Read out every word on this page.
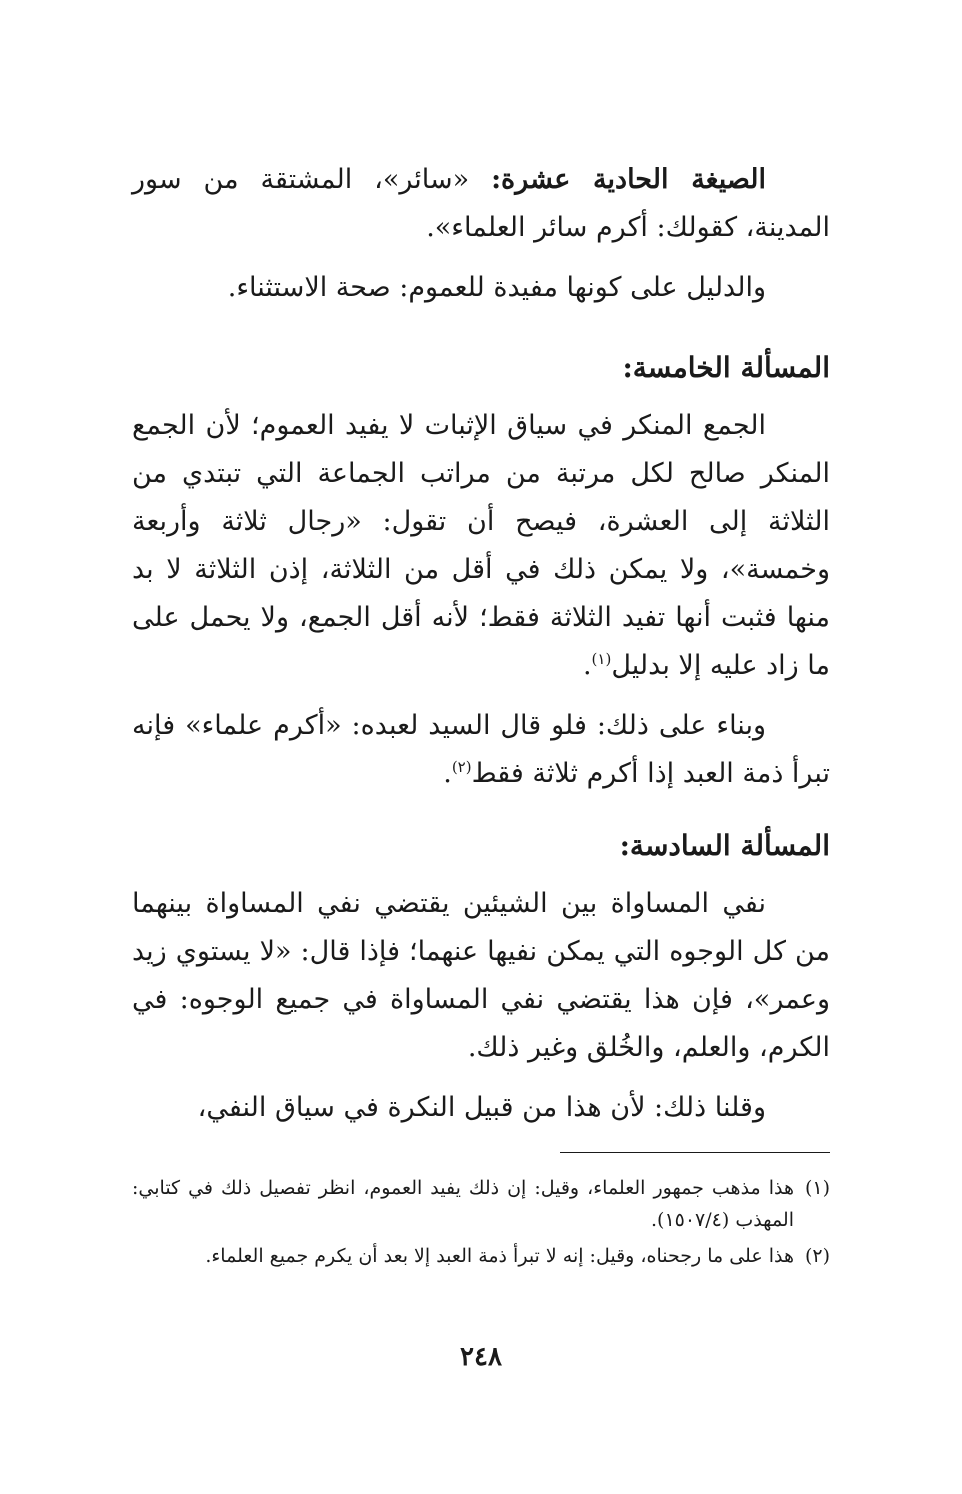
الصيغة الحادية عشرة: «سائر»، المشتقة من سور المدينة، كقولك: أكرم سائر العلماء».

والدليل على كونها مفيدة للعموم: صحة الاستثناء.

المسألة الخامسة:

الجمع المنكر في سياق الإثبات لا يفيد العموم؛ لأن الجمع المنكر صالح لكل مرتبة من مراتب الجماعة التي تبتدي من الثلاثة إلى العشرة، فيصح أن تقول: «رجال ثلاثة وأربعة وخمسة»، ولا يمكن ذلك في أقل من الثلاثة، إذن الثلاثة لا بد منها فثبت أنها تفيد الثلاثة فقط؛ لأنه أقل الجمع، ولا يحمل على ما زاد عليه إلا بدليل$^{(١)}$.

وبناء على ذلك: فلو قال السيد لعبده: «أكرم علماء» فإنه تبرأ ذمة العبد إذا أكرم ثلاثة فقط$^{(٢)}$.

المسألة السادسة:

نفي المساواة بين الشيئين يقتضي نفي المساواة بينهما من كل الوجوه التي يمكن نفيها عنهما؛ فإذا قال: «لا يستوي زيد وعمر»، فإن هذا يقتضي نفي المساواة في جميع الوجوه: في الكرم، والعلم، والخُلق وغير ذلك.

وقلنا ذلك: لأن هذا من قبيل النكرة في سياق النفي،

(١)
هذا مذهب جمهور العلماء، وقيل: إن ذلك يفيد العموم، انظر تفصيل ذلك في كتابي: المهذب (١٥٠٧/٤).
(٢)
هذا على ما رجحناه، وقيل: إنه لا تبرأ ذمة العبد إلا بعد أن يكرم جميع العلماء.
٢٤٨
